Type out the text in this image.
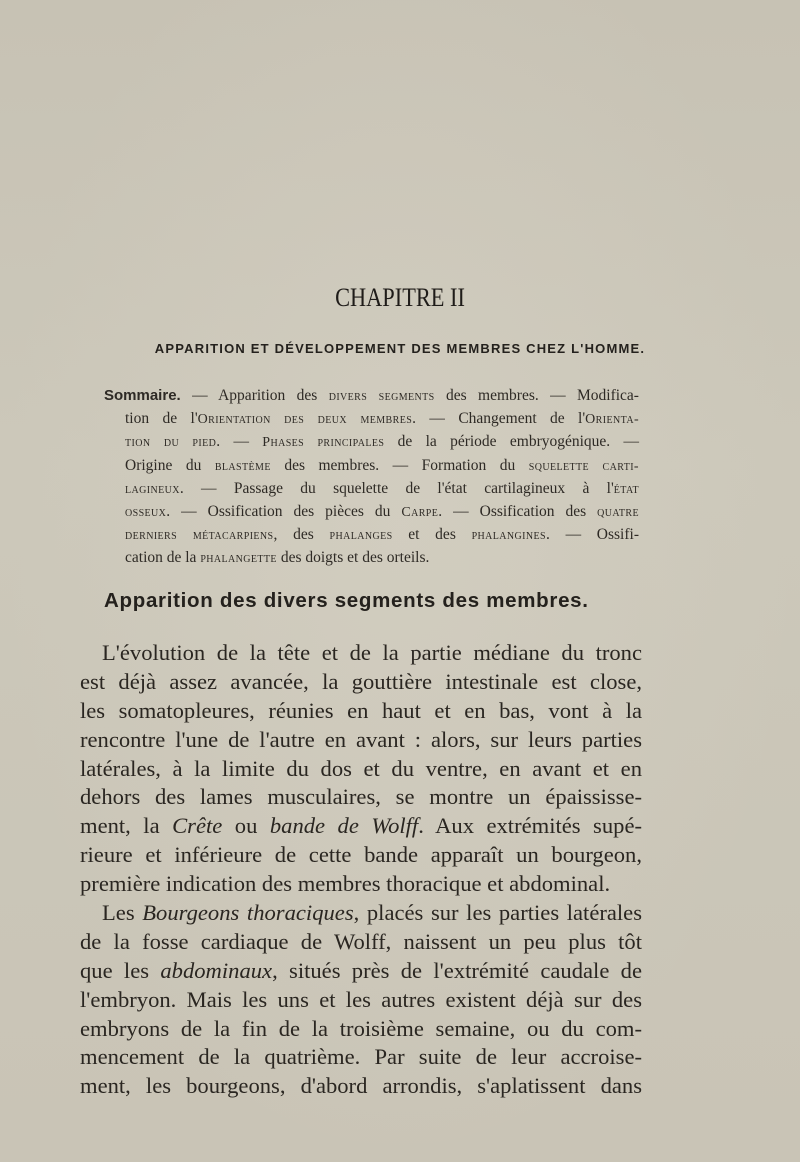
CHAPITRE II
APPARITION ET DÉVELOPPEMENT DES MEMBRES CHEZ L'HOMME.
Sommaire. — Apparition des divers segments des membres. — Modifica-
tion de l'Orientation des deux membres. — Changement de l'Orienta-
tion du pied. — Phases principales de la période embryogénique. —
Origine du blastème des membres. — Formation du squelette carti-
lagineux. — Passage du squelette de l'état cartilagineux à l'état
osseux. — Ossification des pièces du Carpe. — Ossification des quatre
derniers métacarpiens, des phalanges et des phalangines. — Ossifi-
cation de la phalangette des doigts et des orteils.
Apparition des divers segments des membres.
L'évolution de la tête et de la partie médiane du tronc
est déjà assez avancée, la gouttière intestinale est close,
les somatopleures, réunies en haut et en bas, vont à la
rencontre l'une de l'autre en avant : alors, sur leurs parties
latérales, à la limite du dos et du ventre, en avant et en
dehors des lames musculaires, se montre un épaississe-
ment, la Crête ou bande de Wolff. Aux extrémités supé-
rieure et inférieure de cette bande apparaît un bourgeon,
première indication des membres thoracique et abdominal.
Les Bourgeons thoraciques, placés sur les parties latérales
de la fosse cardiaque de Wolff, naissent un peu plus tôt
que les abdominaux, situés près de l'extrémité caudale de
l'embryon. Mais les uns et les autres existent déjà sur des
embryons de la fin de la troisième semaine, ou du com-
mencement de la quatrième. Par suite de leur accroise-
ment, les bourgeons, d'abord arrondis, s'aplatissent dans
